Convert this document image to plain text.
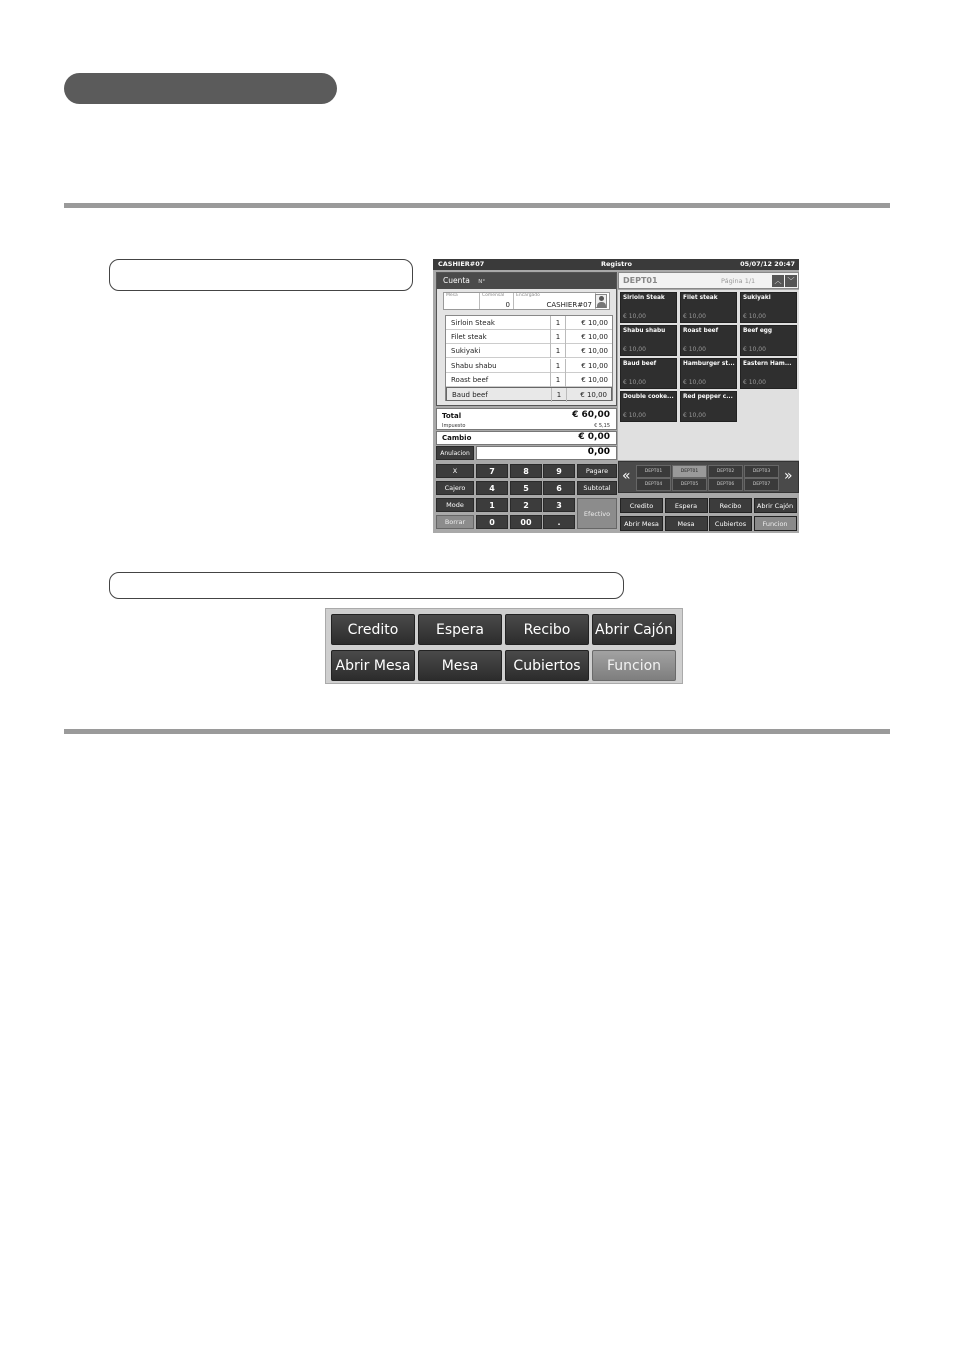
CASHIER#07	Registro	05/07/12 20:47
Cuenta N°
Mesa	Comensal
0
Encargado
CASHIER#07
Sirloin Steak	1	€ 10,00
Filet steak	1	€ 10,00
Sukiyaki	1	€ 10,00
Shabu shabu	1	€ 10,00
Roast beef	1	€ 10,00
Baud beef	1	€ 10,00
Total	€ 60,00
Impuesto	€ 5,15
Cambio	€ 0,00
Anulacion	0,00
X
Cajero
Mode
Borrar
7	8	9
4	5	6
1	2	3
0	00	.
Pagare
Subtotal
Efectivo
DEPT01	Página 1/1	︿ ﹀
Sirloin Steak
€ 10,00
Filet steak
€ 10,00
Sukiyaki
€ 10,00
Shabu shabu
€ 10,00
Roast beef
€ 10,00
Beef egg
€ 10,00
Baud beef
€ 10,00
Hamburger st...
€ 10,00
Eastern Ham...
€ 10,00
Double cooke...
€ 10,00
Red pepper c...
€ 10,00
«	DEPT01	DEPT01	DEPT02	DEPT03
DEPT04	DEPT05	DEPT06	DEPT07
»
Credito	Espera	Recibo	Abrir Cajón
Abrir Mesa	Mesa	Cubiertos	Funcion
Credito	Espera	Recibo	Abrir Cajón
Abrir Mesa	Mesa	Cubiertos	Funcion
